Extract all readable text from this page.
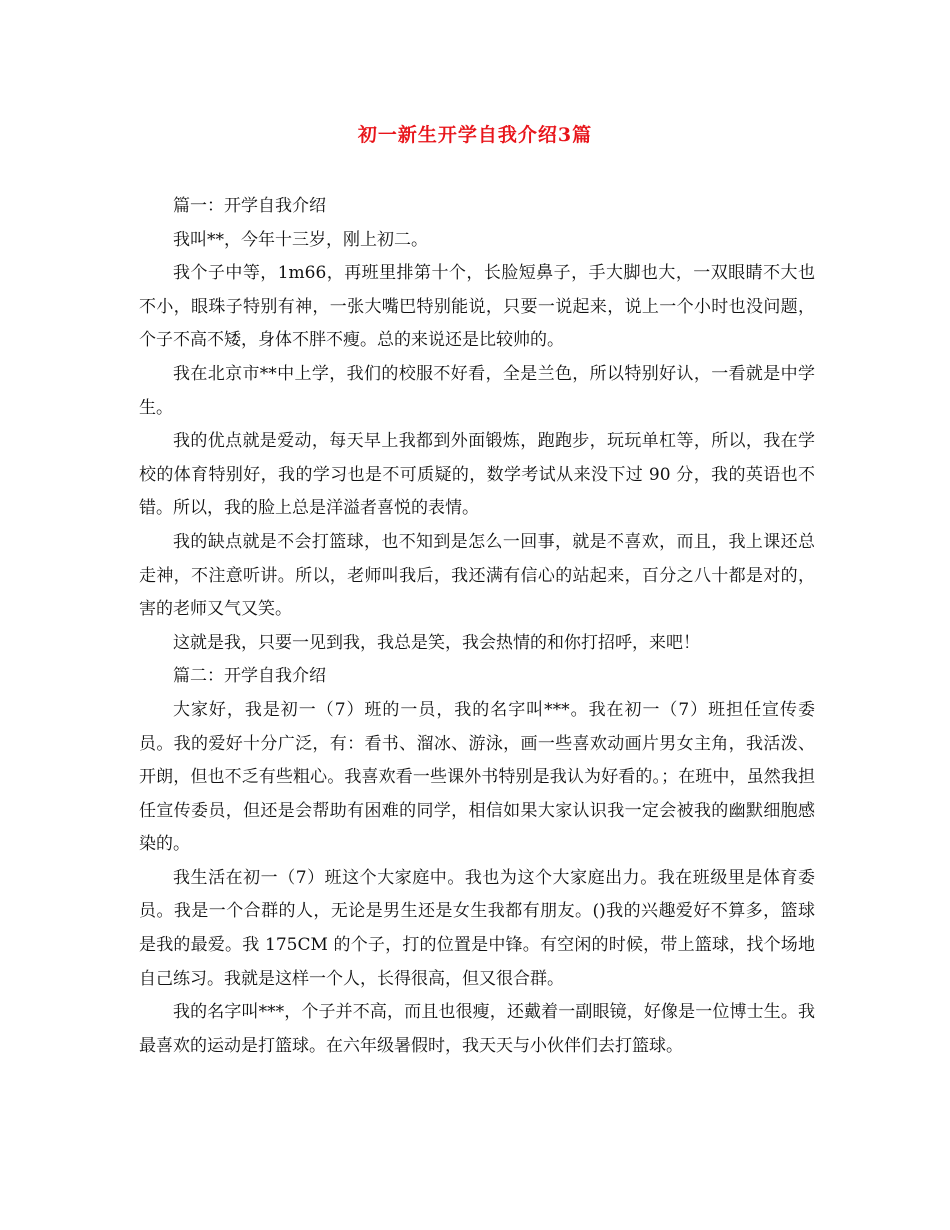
初一新生开学自我介绍3篇

篇一：开学自我介绍

我叫**，今年十三岁，刚上初二。

我个子中等，1m66，再班里排第十个，长脸短鼻子，手大脚也大，一双眼睛不大也不小，眼珠子特别有神，一张大嘴巴特别能说，只要一说起来，说上一个小时也没问题，个子不高不矮，身体不胖不瘦。总的来说还是比较帅的。

我在北京市**中上学，我们的校服不好看，全是兰色，所以特别好认，一看就是中学生。

我的优点就是爱动，每天早上我都到外面锻炼，跑跑步，玩玩单杠等，所以，我在学校的体育特别好，我的学习也是不可质疑的，数学考试从来没下过 90 分，我的英语也不错。所以，我的脸上总是洋溢者喜悦的表情。

我的缺点就是不会打篮球，也不知到是怎么一回事，就是不喜欢，而且，我上课还总走神，不注意听讲。所以，老师叫我后，我还满有信心的站起来，百分之八十都是对的，害的老师又气又笑。

这就是我，只要一见到我，我总是笑，我会热情的和你打招呼，来吧！

篇二：开学自我介绍

大家好，我是初一（7）班的一员，我的名字叫***。我在初一（7）班担任宣传委员。我的爱好十分广泛，有：看书、溜冰、游泳，画一些喜欢动画片男女主角，我活泼、开朗，但也不乏有些粗心。我喜欢看一些课外书特别是我认为好看的。；在班中，虽然我担任宣传委员，但还是会帮助有困难的同学，相信如果大家认识我一定会被我的幽默细胞感染的。

我生活在初一（7）班这个大家庭中。我也为这个大家庭出力。我在班级里是体育委员。我是一个合群的人，无论是男生还是女生我都有朋友。()我的兴趣爱好不算多，篮球是我的最爱。我 175CM 的个子，打的位置是中锋。有空闲的时候，带上篮球，找个场地自己练习。我就是这样一个人，长得很高，但又很合群。

我的名字叫***，个子并不高，而且也很瘦，还戴着一副眼镜，好像是一位博士生。我最喜欢的运动是打篮球。在六年级暑假时，我天天与小伙伴们去打篮球。
